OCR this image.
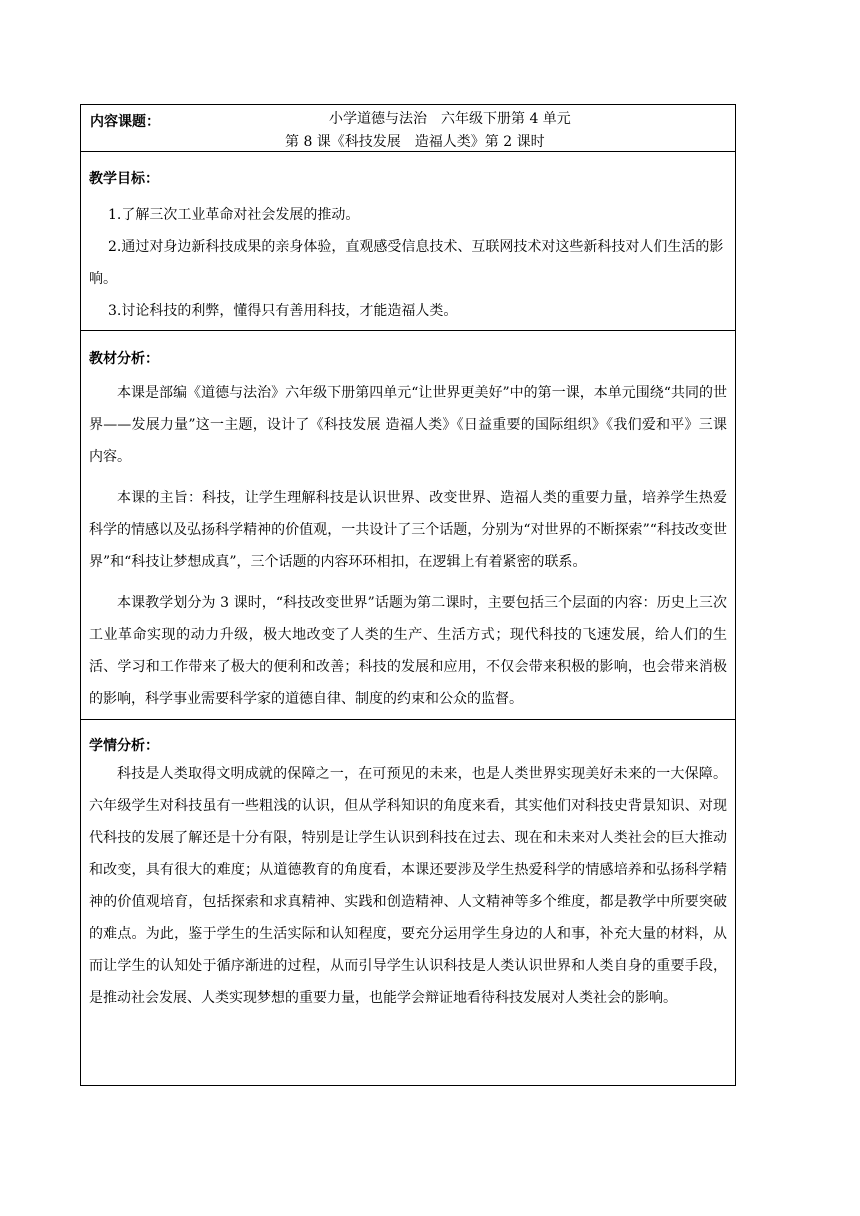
内容课题：	小学道德与法治　六年级下册第 4 单元
第 8 课《科技发展　造福人类》第 2 课时
教学目标：

1.了解三次工业革命对社会发展的推动。

2.通过对身边新科技成果的亲身体验，直观感受信息技术、互联网技术对这些新科技对人们生活的影响。

3.讨论科技的利弊，懂得只有善用科技，才能造福人类。

教材分析：

本课是部编《道德与法治》六年级下册第四单元“让世界更美好”中的第一课，本单元围绕“共同的世界——发展力量”这一主题，设计了《科技发展 造福人类》《日益重要的国际组织》《我们爱和平》三课内容。

本课的主旨：科技，让学生理解科技是认识世界、改变世界、造福人类的重要力量，培养学生热爱科学的情感以及弘扬科学精神的价值观，一共设计了三个话题，分别为“对世界的不断探索”“科技改变世界”和“科技让梦想成真”，三个话题的内容环环相扣，在逻辑上有着紧密的联系。

本课教学划分为 3 课时，“科技改变世界”话题为第二课时，主要包括三个层面的内容：历史上三次工业革命实现的动力升级，极大地改变了人类的生产、生活方式；现代科技的飞速发展，给人们的生活、学习和工作带来了极大的便利和改善；科技的发展和应用，不仅会带来积极的影响，也会带来消极的影响，科学事业需要科学家的道德自律、制度的约束和公众的监督。

学情分析：

科技是人类取得文明成就的保障之一，在可预见的未来，也是人类世界实现美好未来的一大保障。六年级学生对科技虽有一些粗浅的认识，但从学科知识的角度来看，其实他们对科技史背景知识、对现代科技的发展了解还是十分有限，特别是让学生认识到科技在过去、现在和未来对人类社会的巨大推动和改变，具有很大的难度；从道德教育的角度看，本课还要涉及学生热爱科学的情感培养和弘扬科学精神的价值观培育，包括探索和求真精神、实践和创造精神、人文精神等多个维度，都是教学中所要突破的难点。为此，鉴于学生的生活实际和认知程度，要充分运用学生身边的人和事，补充大量的材料，从而让学生的认知处于循序渐进的过程，从而引导学生认识科技是人类认识世界和人类自身的重要手段，是推动社会发展、人类实现梦想的重要力量，也能学会辩证地看待科技发展对人类社会的影响。
